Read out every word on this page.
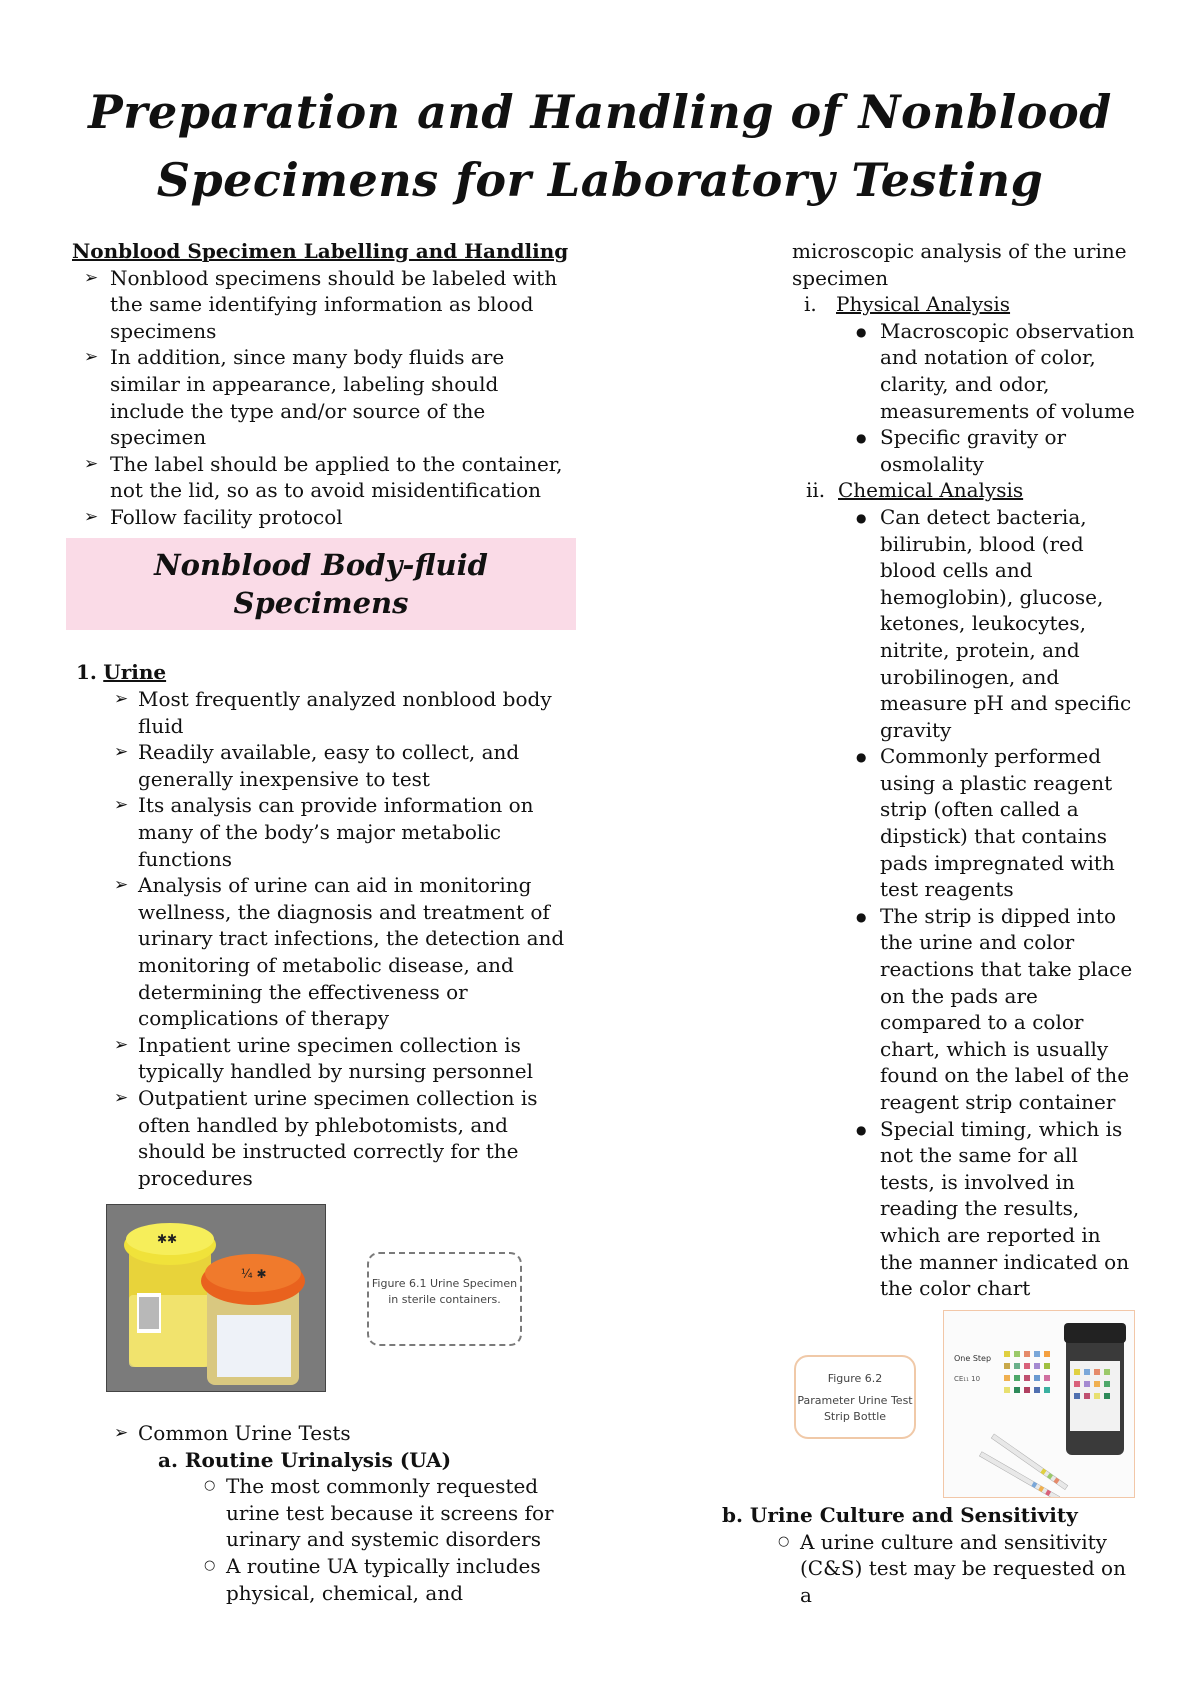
Preparation and Handling of Nonblood
Specimens for Laboratory Testing
Nonblood Specimen Labelling and Handling
➢ Nonblood specimens should be labeled with the same identifying information as blood specimens
➢ In addition, since many body fluids are similar in appearance, labeling should include the type and/or source of the specimen
➢ The label should be applied to the container, not the lid, so as to avoid misidentification
➢ Follow facility protocol
Nonblood Body-fluid
Specimens
1. Urine
➢ Most frequently analyzed nonblood body fluid
➢ Readily available, easy to collect, and generally inexpensive to test
➢ Its analysis can provide information on many of the body’s major metabolic functions
➢ Analysis of urine can aid in monitoring wellness, the diagnosis and treatment of urinary tract infections, the detection and monitoring of metabolic disease, and determining the effectiveness or complications of therapy
➢ Inpatient urine specimen collection is typically handled by nursing personnel
➢ Outpatient urine specimen collection is often handled by phlebotomists, and should be instructed correctly for the procedures
✱✱
¼ ✱
Figure 6.1 Urine Specimen in sterile containers.
➢ Common Urine Tests
a. Routine Urinalysis (UA)
○ The most commonly requested urine test because it screens for urinary and systemic disorders
○ A routine UA typically includes physical, chemical, and
microscopic analysis of the urine specimen
i. Physical Analysis
● Macroscopic observation and notation of color, clarity, and odor, measurements of volume
● Specific gravity or osmolality
ii. Chemical Analysis
● Can detect bacteria, bilirubin, blood (red blood cells and hemoglobin), glucose, ketones, leukocytes, nitrite, protein, and urobilinogen, and measure pH and specific gravity
● Commonly performed using a plastic reagent strip (often called a dipstick) that contains pads impregnated with test reagents
● The strip is dipped into the urine and color reactions that take place on the pads are compared to a color chart, which is usually found on the label of the reagent strip container
● Special timing, which is not the same for all tests, is involved in reading the results, which are reported in the manner indicated on the color chart
Figure 6.2
Parameter Urine Test Strip Bottle
One Step
CE₁₁ 10
b. Urine Culture and Sensitivity
○ A urine culture and sensitivity (C&S) test may be requested on a
